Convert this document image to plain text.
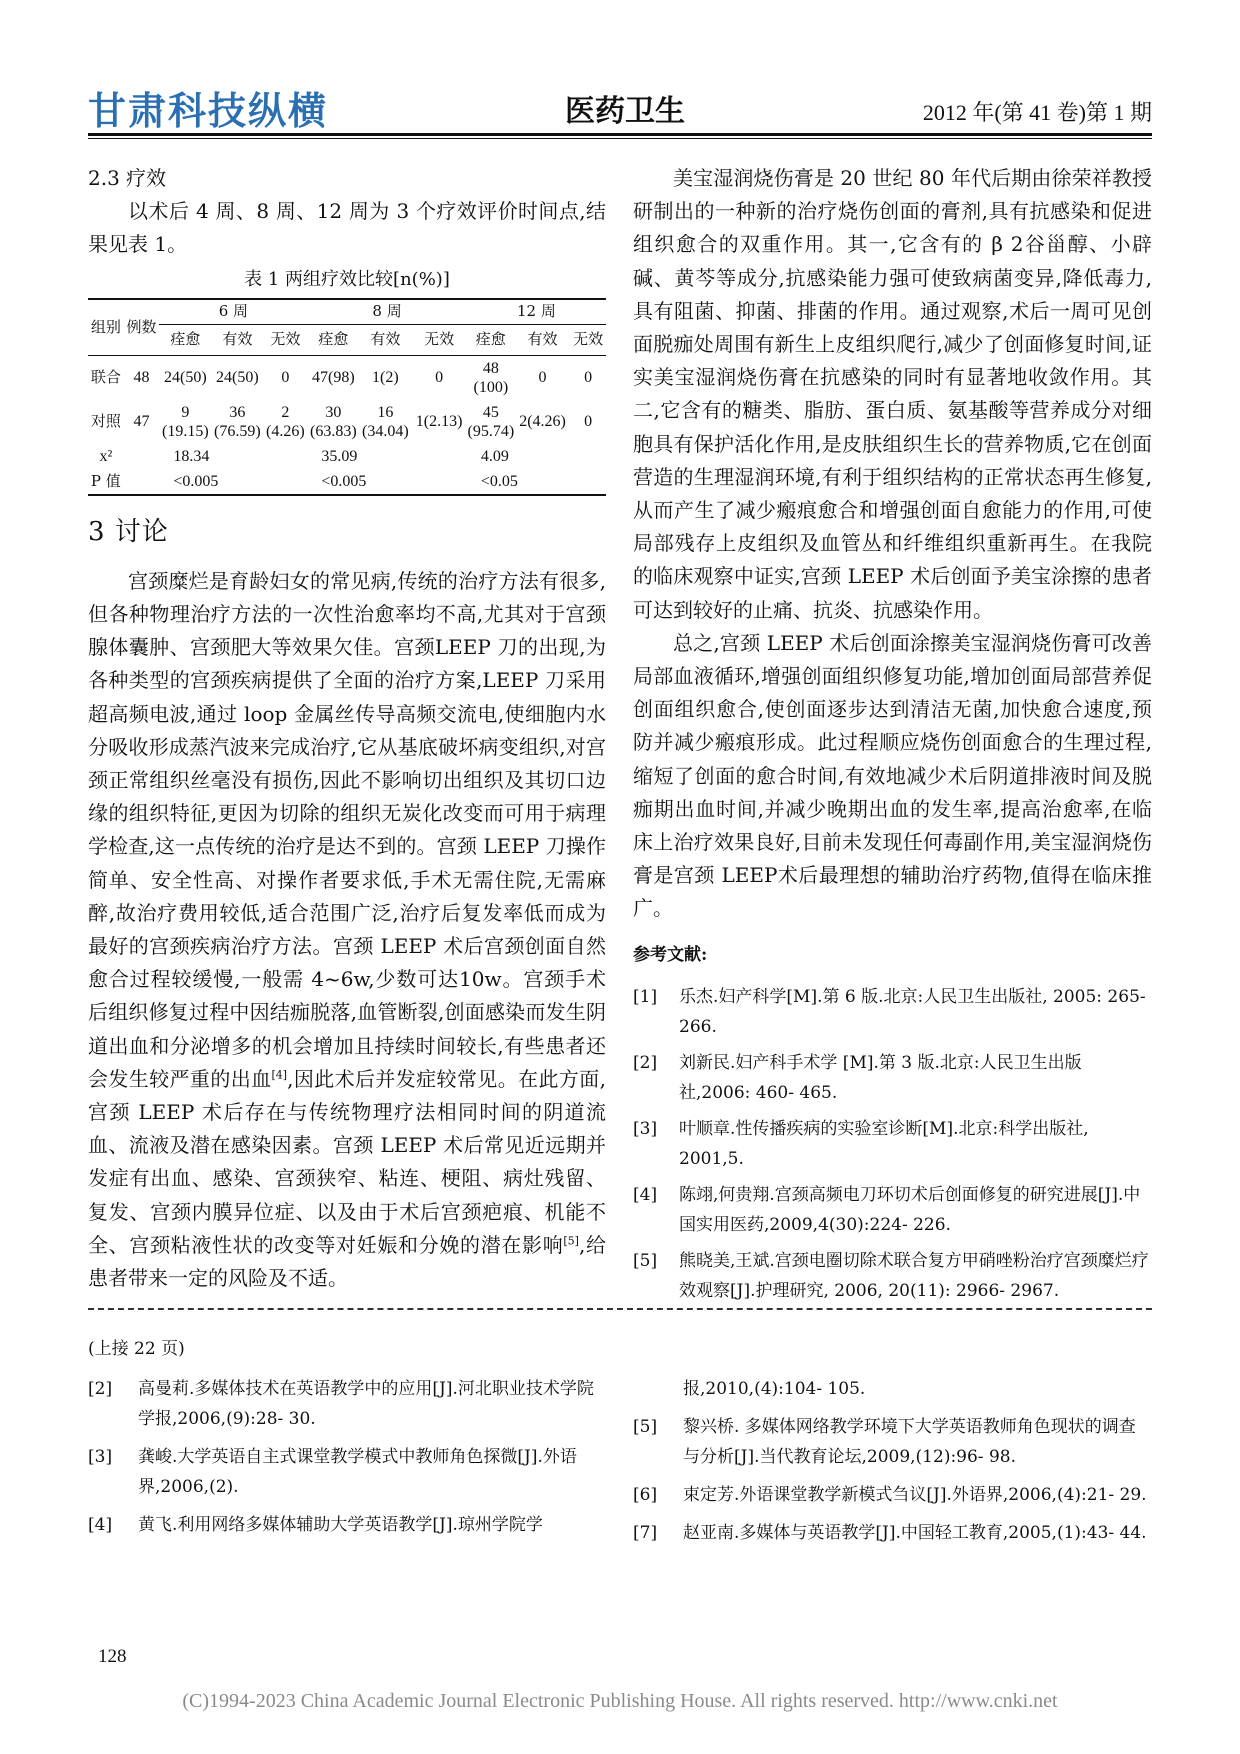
甘肃科技纵横	医药卫生	2012 年(第 41 卷)第 1 期
2.3 疗效

以术后 4 周、8 周、12 周为 3 个疗效评价时间点,结果见表 1。

表 1 两组疗效比较[n(%)]
组别	例数	6 周			8 周			12 周		
		痊愈	有效	无效	痊愈	有效	无效	痊愈	有效	无效
联合	48	24(50)	24(50)	0	47(98)	1(2)	0	48 (100)	0	0
对照	47	9 (19.15)	36 (76.59)	2 (4.26)	30 (63.83)	16 (34.04)	1(2.13)	45 (95.74)	2(4.26)	0
x²		18.34			35.09			4.09		
P 值		<0.005			<0.005			<0.05		
3 讨论

宫颈糜烂是育龄妇女的常见病,传统的治疗方法有很多,但各种物理治疗方法的一次性治愈率均不高,尤其对于宫颈腺体囊肿、宫颈肥大等效果欠佳。宫颈LEEP 刀的出现,为各种类型的宫颈疾病提供了全面的治疗方案,LEEP 刀采用超高频电波,通过 loop 金属丝传导高频交流电,使细胞内水分吸收形成蒸汽波来完成治疗,它从基底破坏病变组织,对宫颈正常组织丝毫没有损伤,因此不影响切出组织及其切口边缘的组织特征,更因为切除的组织无炭化改变而可用于病理学检查,这一点传统的治疗是达不到的。宫颈 LEEP 刀操作简单、安全性高、对操作者要求低,手术无需住院,无需麻醉,故治疗费用较低,适合范围广泛,治疗后复发率低而成为最好的宫颈疾病治疗方法。宫颈 LEEP 术后宫颈创面自然愈合过程较缓慢,一般需 4~6w,少数可达10w。宫颈手术后组织修复过程中因结痂脱落,血管断裂,创面感染而发生阴道出血和分泌增多的机会增加且持续时间较长,有些患者还会发生较严重的出血[4],因此术后并发症较常见。在此方面,宫颈 LEEP 术后存在与传统物理疗法相同时间的阴道流血、流液及潜在感染因素。宫颈 LEEP 术后常见近远期并发症有出血、感染、宫颈狭窄、粘连、梗阻、病灶残留、复发、宫颈内膜异位症、以及由于术后宫颈疤痕、机能不全、宫颈粘液性状的改变等对妊娠和分娩的潜在影响[5],给患者带来一定的风险及不适。

美宝湿润烧伤膏是 20 世纪 80 年代后期由徐荣祥教授研制出的一种新的治疗烧伤创面的膏剂,具有抗感染和促进组织愈合的双重作用。其一,它含有的 β 2谷甾醇、小辟碱、黄芩等成分,抗感染能力强可使致病菌变异,降低毒力,具有阻菌、抑菌、排菌的作用。通过观察,术后一周可见创面脱痂处周围有新生上皮组织爬行,减少了创面修复时间,证实美宝湿润烧伤膏在抗感染的同时有显著地收敛作用。其二,它含有的糖类、脂肪、蛋白质、氨基酸等营养成分对细胞具有保护活化作用,是皮肤组织生长的营养物质,它在创面营造的生理湿润环境,有利于组织结构的正常状态再生修复,从而产生了减少瘢痕愈合和增强创面自愈能力的作用,可使局部残存上皮组织及血管丛和纤维组织重新再生。在我院的临床观察中证实,宫颈 LEEP 术后创面予美宝涂擦的患者可达到较好的止痛、抗炎、抗感染作用。

总之,宫颈 LEEP 术后创面涂擦美宝湿润烧伤膏可改善局部血液循环,增强创面组织修复功能,增加创面局部营养促创面组织愈合,使创面逐步达到清洁无菌,加快愈合速度,预防并减少瘢痕形成。此过程顺应烧伤创面愈合的生理过程,缩短了创面的愈合时间,有效地减少术后阴道排液时间及脱痂期出血时间,并减少晚期出血的发生率,提高治愈率,在临床上治疗效果良好,目前未发现任何毒副作用,美宝湿润烧伤膏是宫颈 LEEP术后最理想的辅助治疗药物,值得在临床推广。

参考文献:
[1]	乐杰.妇产科学[M].第 6 版.北京:人民卫生出版社, 2005: 265- 266.
[2]	刘新民.妇产科手术学 [M].第 3 版.北京:人民卫生出版社,2006: 460- 465.
[3]	叶顺章.性传播疾病的实验室诊断[M].北京:科学出版社, 2001,5.
[4]	陈翊,何贵翔.宫颈高频电刀环切术后创面修复的研究进展[J].中国实用医药,2009,4(30):224- 226.
[5]	熊晓美,王斌.宫颈电圈切除术联合复方甲硝唑粉治疗宫颈糜烂疗效观察[J].护理研究, 2006, 20(11): 2966- 2967.
(上接 22 页)
[2]	高曼莉.多媒体技术在英语教学中的应用[J].河北职业技术学院学报,2006,(9):28- 30.
[3]	龚峻.大学英语自主式课堂教学模式中教师角色探微[J].外语界,2006,(2).
[4]	黄飞.利用网络多媒体辅助大学英语教学[J].琼州学院学
报,2010,(4):104- 105.
[5]	黎兴桥. 多媒体网络教学环境下大学英语教师角色现状的调查与分析[J].当代教育论坛,2009,(12):96- 98.
[6]	束定芳.外语课堂教学新模式刍议[J].外语界,2006,(4):21- 29.
[7]	赵亚南.多媒体与英语教学[J].中国轻工教育,2005,(1):43- 44.
128
(C)1994-2023 China Academic Journal Electronic Publishing House. All rights reserved. http://www.cnki.net
